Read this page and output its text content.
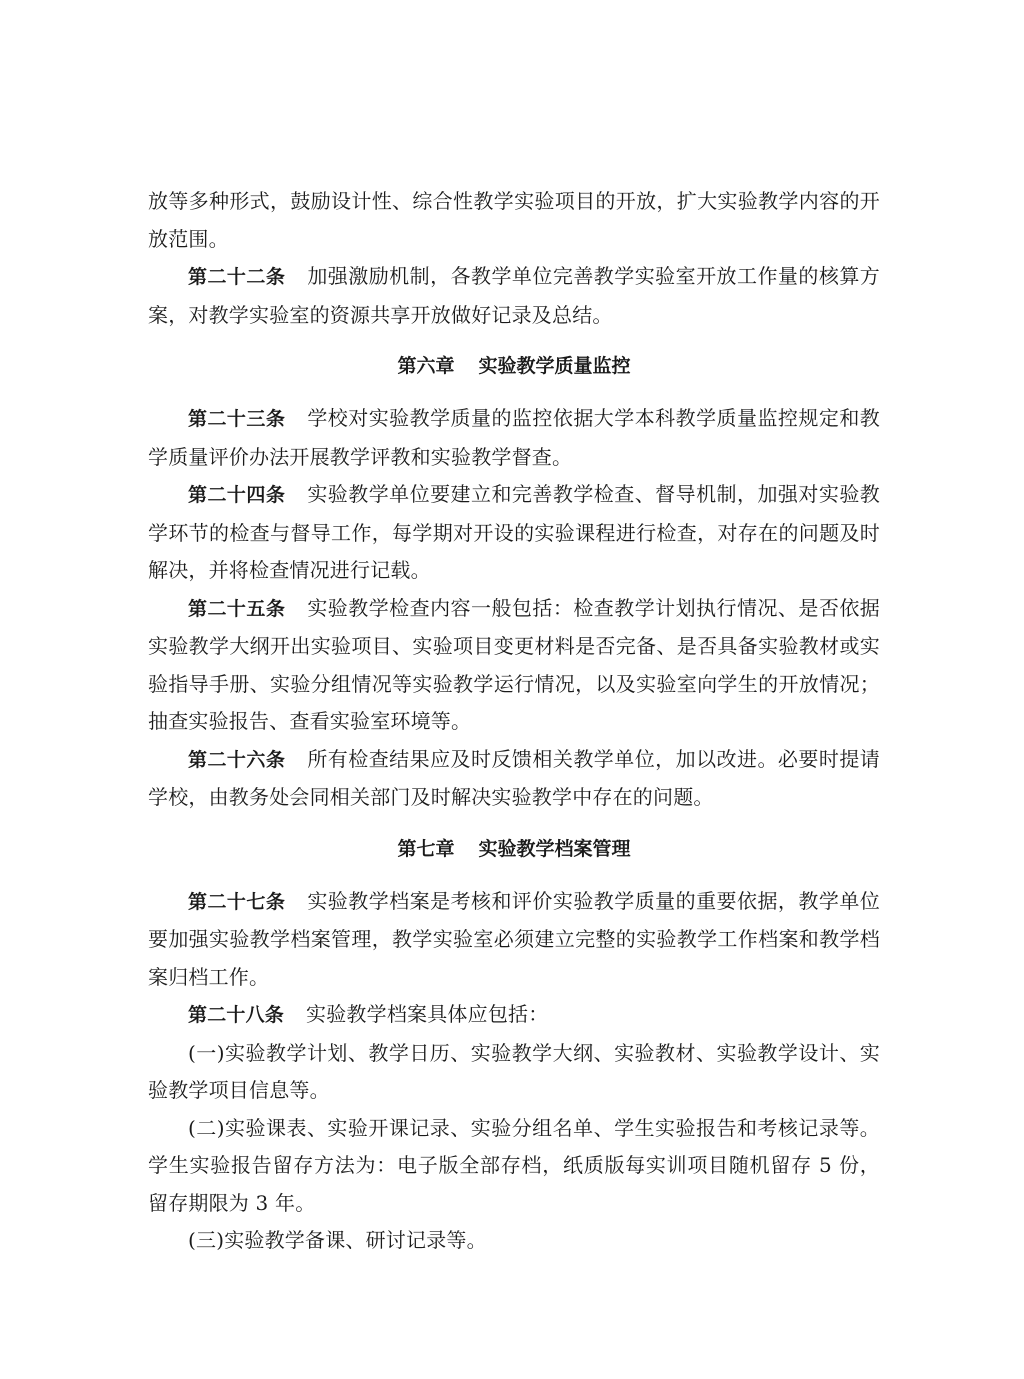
放等多种形式，鼓励设计性、综合性教学实验项目的开放，扩大实验教学内容的开放范围。

第二十二条 加强激励机制，各教学单位完善教学实验室开放工作量的核算方案，对教学实验室的资源共享开放做好记录及总结。

第六章 实验教学质量监控

第二十三条 学校对实验教学质量的监控依据大学本科教学质量监控规定和教学质量评价办法开展教学评教和实验教学督查。

第二十四条 实验教学单位要建立和完善教学检查、督导机制，加强对实验教学环节的检查与督导工作，每学期对开设的实验课程进行检查，对存在的问题及时解决，并将检查情况进行记载。

第二十五条 实验教学检查内容一般包括：检查教学计划执行情况、是否依据实验教学大纲开出实验项目、实验项目变更材料是否完备、是否具备实验教材或实验指导手册、实验分组情况等实验教学运行情况，以及实验室向学生的开放情况；抽查实验报告、查看实验室环境等。

第二十六条 所有检查结果应及时反馈相关教学单位，加以改进。必要时提请学校，由教务处会同相关部门及时解决实验教学中存在的问题。

第七章 实验教学档案管理

第二十七条 实验教学档案是考核和评价实验教学质量的重要依据，教学单位要加强实验教学档案管理，教学实验室必须建立完整的实验教学工作档案和教学档案归档工作。

第二十八条 实验教学档案具体应包括：

(一)实验教学计划、教学日历、实验教学大纲、实验教材、实验教学设计、实验教学项目信息等。

(二)实验课表、实验开课记录、实验分组名单、学生实验报告和考核记录等。学生实验报告留存方法为：电子版全部存档，纸质版每实训项目随机留存 5 份，留存期限为 3 年。

(三)实验教学备课、研讨记录等。
